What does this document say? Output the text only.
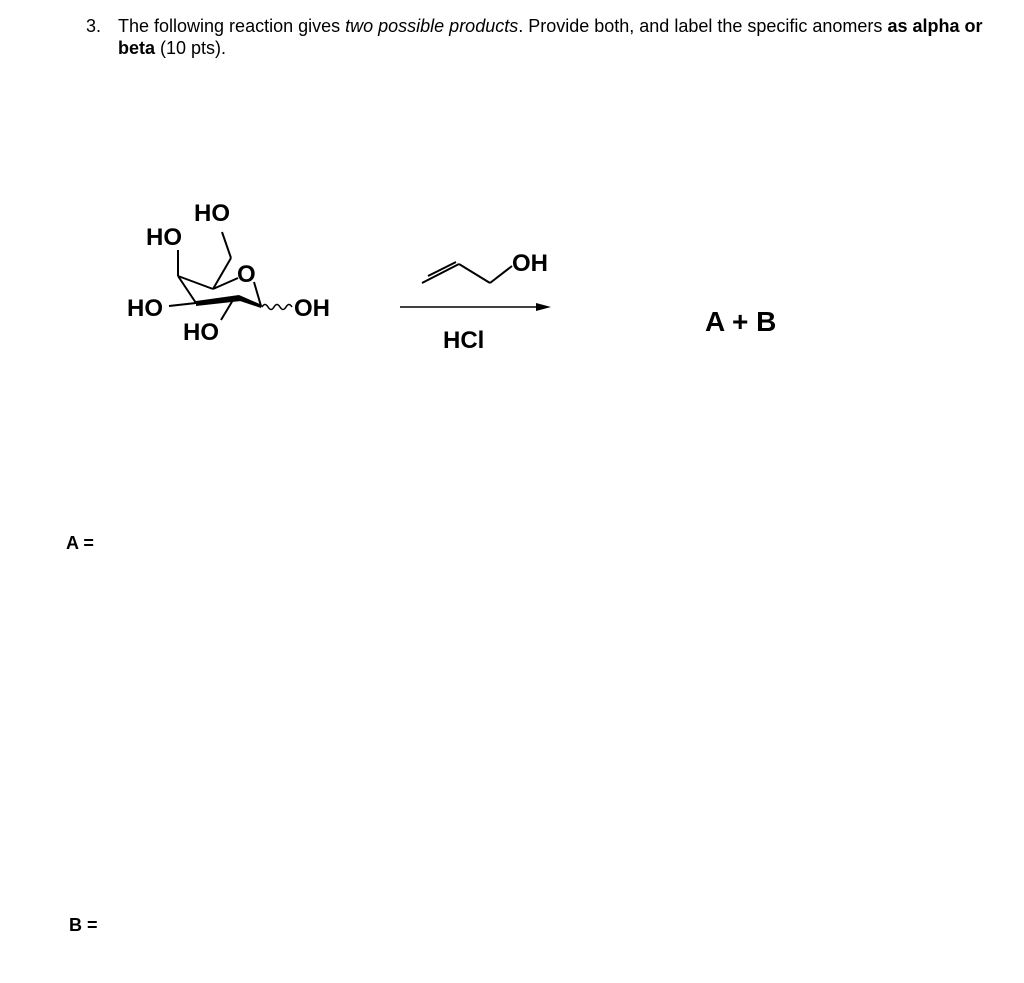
3. The following reaction gives two possible products. Provide both, and label the specific anomers as alpha or beta (10 pts).
HO
HO
O
HO
HO
OH
OH
HCl
A + B
A =
B =
